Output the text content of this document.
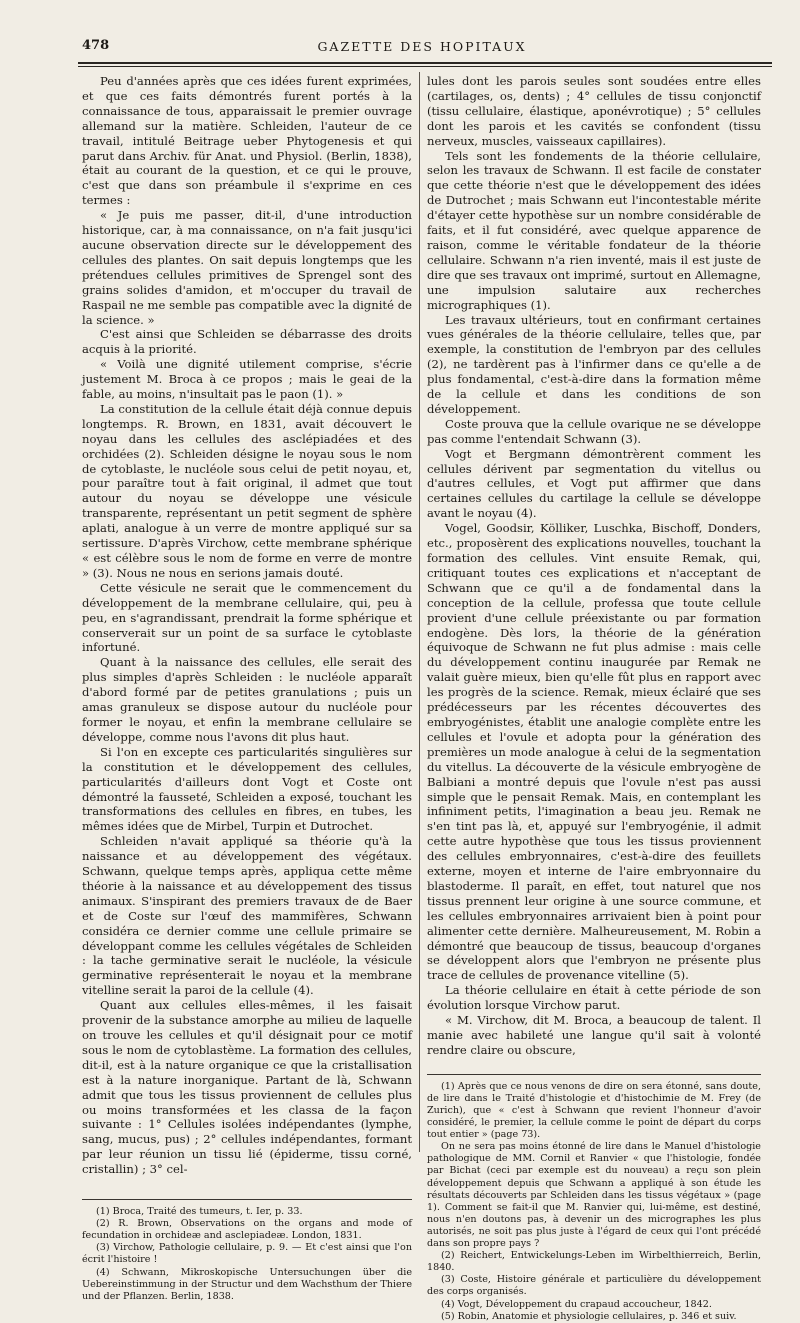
478	GAZETTE DES HOPITAUX

Peu d'années après que ces idées furent exprimées, et que ces faits démontrés furent portés à la connaissance de tous, apparaissait le premier ouvrage allemand sur la matière. Schleiden, l'auteur de ce travail, intitulé Beitrage ueber Phytogenesis et qui parut dans Archiv. für Anat. und Physiol. (Berlin, 1838), était au courant de la question, et ce qui le prouve, c'est que dans son préambule il s'exprime en ces termes :

« Je puis me passer, dit-il, d'une introduction historique, car, à ma connaissance, on n'a fait jusqu'ici aucune observation directe sur le développement des cellules des plantes. On sait depuis longtemps que les prétendues cellules primitives de Sprengel sont des grains solides d'amidon, et m'occuper du travail de Raspail ne me semble pas compatible avec la dignité de la science. »

C'est ainsi que Schleiden se débarrasse des droits acquis à la priorité.

« Voilà une dignité utilement comprise, s'écrie justement M. Broca à ce propos ; mais le geai de la fable, au moins, n'insultait pas le paon (1). »

La constitution de la cellule était déjà connue depuis longtemps. R. Brown, en 1831, avait découvert le noyau dans les cellules des asclépiadées et des orchidées (2). Schleiden désigne le noyau sous le nom de cytoblaste, le nucléole sous celui de petit noyau, et, pour paraître tout à fait original, il admet que tout autour du noyau se développe une vésicule transparente, représentant un petit segment de sphère aplati, analogue à un verre de montre appliqué sur sa sertissure. D'après Virchow, cette membrane sphérique « est célèbre sous le nom de forme en verre de montre » (3). Nous ne nous en serions jamais douté.

Cette vésicule ne serait que le commencement du développement de la membrane cellulaire, qui, peu à peu, en s'agrandissant, prendrait la forme sphérique et conserverait sur un point de sa surface le cytoblaste infortuné.

Quant à la naissance des cellules, elle serait des plus simples d'après Schleiden : le nucléole apparaît d'abord formé par de petites granulations ; puis un amas granuleux se dispose autour du nucléole pour former le noyau, et enfin la membrane cellulaire se développe, comme nous l'avons dit plus haut.

Si l'on en excepte ces particularités singulières sur la constitution et le développement des cellules, particularités d'ailleurs dont Vogt et Coste ont démontré la fausseté, Schleiden a exposé, touchant les transformations des cellules en fibres, en tubes, les mêmes idées que de Mirbel, Turpin et Dutrochet.

Schleiden n'avait appliqué sa théorie qu'à la naissance et au développement des végétaux. Schwann, quelque temps après, appliqua cette même théorie à la naissance et au développement des tissus animaux. S'inspirant des premiers travaux de de Baer et de Coste sur l'œuf des mammifères, Schwann considéra ce dernier comme une cellule primaire se développant comme les cellules végétales de Schleiden : la tache germinative serait le nucléole, la vésicule germinative représenterait le noyau et la membrane vitelline serait la paroi de la cellule (4).

Quant aux cellules elles-mêmes, il les faisait provenir de la substance amorphe au milieu de laquelle on trouve les cellules et qu'il désignait pour ce motif sous le nom de cytoblastème. La formation des cellules, dit-il, est à la nature organique ce que la cristallisation est à la nature inorganique. Partant de là, Schwann admit que tous les tissus proviennent de cellules plus ou moins transformées et les classa de la façon suivante : 1° Cellules isolées indépendantes (lymphe, sang, mucus, pus) ; 2° cellules indépendantes, formant par leur réunion un tissu lié (épiderme, tissu corné, cristallin) ; 3° cel-

(1) Broca, Traité des tumeurs, t. Ier, p. 33.

(2) R. Brown, Observations on the organs and mode of fecundation in orchideæ and asclepiadeæ. London, 1831.

(3) Virchow, Pathologie cellulaire, p. 9. — Et c'est ainsi que l'on écrit l'histoire !

(4) Schwann, Mikroskopische Untersuchungen über die Uebereinstimmung in der Structur und dem Wachsthum der Thiere und der Pflanzen. Berlin, 1838.

lules dont les parois seules sont soudées entre elles (cartilages, os, dents) ; 4° cellules de tissu conjonctif (tissu cellulaire, élastique, aponévrotique) ; 5° cellules dont les parois et les cavités se confondent (tissu nerveux, muscles, vaisseaux capillaires).

Tels sont les fondements de la théorie cellulaire, selon les travaux de Schwann. Il est facile de constater que cette théorie n'est que le développement des idées de Dutrochet ; mais Schwann eut l'incontestable mérite d'étayer cette hypothèse sur un nombre considérable de faits, et il fut considéré, avec quelque apparence de raison, comme le véritable fondateur de la théorie cellulaire. Schwann n'a rien inventé, mais il est juste de dire que ses travaux ont imprimé, surtout en Allemagne, une impulsion salutaire aux recherches micrographiques (1).

Les travaux ultérieurs, tout en confirmant certaines vues générales de la théorie cellulaire, telles que, par exemple, la constitution de l'embryon par des cellules (2), ne tardèrent pas à l'infirmer dans ce qu'elle a de plus fondamental, c'est-à-dire dans la formation même de la cellule et dans les conditions de son développement.

Coste prouva que la cellule ovarique ne se développe pas comme l'entendait Schwann (3).

Vogt et Bergmann démontrèrent comment les cellules dérivent par segmentation du vitellus ou d'autres cellules, et Vogt put affirmer que dans certaines cellules du cartilage la cellule se développe avant le noyau (4).

Vogel, Goodsir, Kölliker, Luschka, Bischoff, Donders, etc., proposèrent des explications nouvelles, touchant la formation des cellules. Vint ensuite Remak, qui, critiquant toutes ces explications et n'acceptant de Schwann que ce qu'il a de fondamental dans la conception de la cellule, professa que toute cellule provient d'une cellule préexistante ou par formation endogène. Dès lors, la théorie de la génération équivoque de Schwann ne fut plus admise : mais celle du développement continu inaugurée par Remak ne valait guère mieux, bien qu'elle fût plus en rapport avec les progrès de la science. Remak, mieux éclairé que ses prédécesseurs par les récentes découvertes des embryogénistes, établit une analogie complète entre les cellules et l'ovule et adopta pour la génération des premières un mode analogue à celui de la segmentation du vitellus. La découverte de la vésicule embryogène de Balbiani a montré depuis que l'ovule n'est pas aussi simple que le pensait Remak. Mais, en contemplant les infiniment petits, l'imagination a beau jeu. Remak ne s'en tint pas là, et, appuyé sur l'embryogénie, il admit cette autre hypothèse que tous les tissus proviennent des cellules embryonnaires, c'est-à-dire des feuillets externe, moyen et interne de l'aire embryonnaire du blastoderme. Il paraît, en effet, tout naturel que nos tissus prennent leur origine à une source commune, et les cellules embryonnaires arrivaient bien à point pour alimenter cette dernière. Malheureusement, M. Robin a démontré que beaucoup de tissus, beaucoup d'organes se développent alors que l'embryon ne présente plus trace de cellules de provenance vitelline (5).

La théorie cellulaire en était à cette période de son évolution lorsque Virchow parut.

« M. Virchow, dit M. Broca, a beaucoup de talent. Il manie avec habileté une langue qu'il sait à volonté rendre claire ou obscure,

(1) Après que ce nous venons de dire on sera étonné, sans doute, de lire dans le Traité d'histologie et d'histochimie de M. Frey (de Zurich), que « c'est à Schwann que revient l'honneur d'avoir considéré, le premier, la cellule comme le point de départ du corps tout entier » (page 73).

On ne sera pas moins étonné de lire dans le Manuel d'histologie pathologique de MM. Cornil et Ranvier « que l'histologie, fondée par Bichat (ceci par exemple est du nouveau) a reçu son plein développement depuis que Schwann a appliqué à son étude les résultats découverts par Schleiden dans les tissus végétaux » (page 1). Comment se fait-il que M. Ranvier qui, lui-même, est destiné, nous n'en doutons pas, à devenir un des micrographes les plus autorisés, ne soit pas plus juste à l'égard de ceux qui l'ont précédé dans son propre pays ?

(2) Reichert, Entwickelungs-Leben im Wirbelthierreich, Berlin, 1840.

(3) Coste, Histoire générale et particulière du développement des corps organisés.

(4) Vogt, Développement du crapaud accoucheur, 1842.

(5) Robin, Anatomie et physiologie cellulaires, p. 346 et suiv.
